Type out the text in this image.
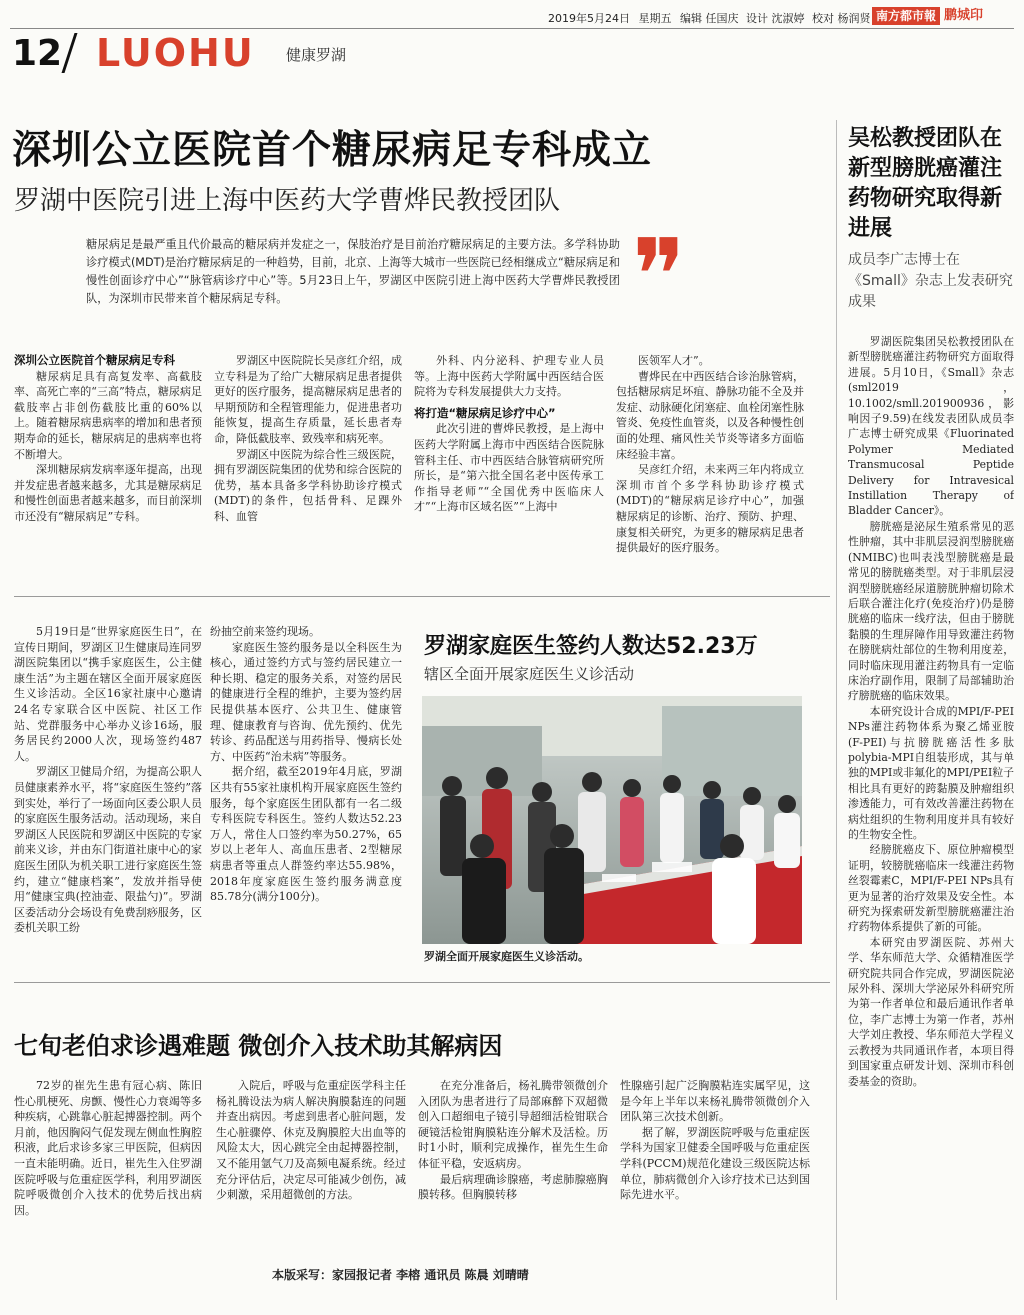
2019年5月24日 星期五 编辑 任国庆 设计 沈淑婷 校对 杨润贤 南方都市報 鹏城印
12 LUOHU 健康罗湖
深圳公立医院首个糖尿病足专科成立
罗湖中医院引进上海中医药大学曹烨民教授团队
糖尿病足是最严重且代价最高的糖尿病并发症之一，保肢治疗是目前治疗糖尿病足的主要方法。多学科协助诊疗模式(MDT)是治疗糖尿病足的一种趋势，目前，北京、上海等大城市一些医院已经相继成立“糖尿病足和慢性创面诊疗中心”“脉管病诊疗中心”等。5月23日上午，罗湖区中医院引进上海中医药大学曹烨民教授团队，为深圳市民带来首个糖尿病足专科。	❞

深圳公立医院首个糖尿病足专科

糖尿病足具有高复发率、高截肢率、高死亡率的“三高”特点，糖尿病足截肢率占非创伤截肢比重的60%以上。随着糖尿病患病率的增加和患者预期寿命的延长，糖尿病足的患病率也将不断增大。

深圳糖尿病发病率逐年提高，出现并发症患者越来越多，尤其是糖尿病足和慢性创面患者越来越多，而目前深圳市还没有“糖尿病足”专科。

罗湖区中医院院长吴彦红介绍，成立专科是为了给广大糖尿病足患者提供更好的医疗服务，提高糖尿病足患者的早期预防和全程管理能力，促进患者功能恢复，提高生存质量，延长患者寿命，降低截肢率、致残率和病死率。

罗湖区中医院为综合性三级医院，拥有罗湖医院集团的优势和综合医院的优势，基本具备多学科协助诊疗模式(MDT)的条件，包括骨科、足踝外科、血管

外科、内分泌科、护理专业人员等。上海中医药大学附属中西医结合医院将为专科发展提供大力支持。

将打造“糖尿病足诊疗中心”

此次引进的曹烨民教授，是上海中医药大学附属上海市中西医结合医院脉管科主任、市中西医结合脉管病研究所所长，是“第六批全国名老中医传承工作指导老师”“全国优秀中医临床人才”“上海市区域名医”“上海中

医领军人才”。

曹烨民在中西医结合诊治脉管病，包括糖尿病足坏疽、静脉功能不全及并发症、动脉硬化闭塞症、血栓闭塞性脉管炎、免疫性血管炎，以及各种慢性创面的处理、痛风性关节炎等诸多方面临床经验丰富。

吴彦红介绍，未来两三年内将成立深圳市首个多学科协助诊疗模式(MDT)的“糖尿病足诊疗中心”，加强糖尿病足的诊断、治疗、预防、护理、康复相关研究，为更多的糖尿病足患者提供最好的医疗服务。

5月19日是“世界家庭医生日”，在宣传日期间，罗湖区卫生健康局连同罗湖医院集团以“携手家庭医生，公主健康生活”为主题在辖区全面开展家庭医生义诊活动。全区16家社康中心邀请24名专家联合区中医院、社区工作站、党群服务中心举办义诊16场，服务居民约2000人次，现场签约487人。

罗湖区卫健局介绍，为提高公职人员健康素养水平，将“家庭医生签约”落到实处，举行了一场面向区委公职人员的家庭医生服务活动。活动现场，来自罗湖区人民医院和罗湖区中医院的专家前来义诊，并由东门街道社康中心的家庭医生团队为机关职工进行家庭医生签约，建立“健康档案”，发放并指导使用“健康宝典(控油壶、限盐勺)”。罗湖区委活动分会场设有免费刮痧服务，区委机关职工纷

纷抽空前来签约现场。

家庭医生签约服务是以全科医生为核心，通过签约方式与签约居民建立一种长期、稳定的服务关系，对签约居民的健康进行全程的维护，主要为签约居民提供基本医疗、公共卫生、健康管理、健康教育与咨询、优先预约、优先转诊、药品配送与用药指导、慢病长处方、中医药“治未病”等服务。

据介绍，截至2019年4月底，罗湖区共有55家社康机构开展家庭医生签约服务，每个家庭医生团队都有一名二级专科医院专科医生。签约人数达52.23万人，常住人口签约率为50.27%，65岁以上老年人、高血压患者、2型糖尿病患者等重点人群签约率达55.98%，2018年度家庭医生签约服务满意度85.78分(满分100分)。

罗湖家庭医生签约人数达52.23万
辖区全面开展家庭医生义诊活动
罗湖全面开展家庭医生义诊活动。
七旬老伯求诊遇难题 微创介入技术助其解病因

72岁的崔先生患有冠心病、陈旧性心肌梗死、房颤、慢性心力衰竭等多种疾病，心跳靠心脏起搏器控制。两个月前，他因胸闷气促发现左侧血性胸腔积液，此后求诊多家三甲医院，但病因一直未能明确。近日，崔先生入住罗湖医院呼吸与危重症医学科，利用罗湖医院呼吸微创介入技术的优势后找出病因。

入院后，呼吸与危重症医学科主任杨礼腾设法为病人解决胸膜黏连的问题并查出病因。考虑到患者心脏问题，发生心脏骤停、休克及胸膜腔大出血等的风险太大，因心跳完全由起搏器控制，又不能用氩气刀及高频电凝系统。经过充分评估后，决定尽可能减少创伤，减少刺激，采用超微创的方法。

在充分准备后，杨礼腾带领微创介入团队为患者进行了局部麻醉下双超微创入口超细电子镜引导超细活检钳联合硬镜活检钳胸膜粘连分解术及活检。历时1小时，顺利完成操作，崔先生生命体征平稳，安返病房。

最后病理确诊腺癌，考虑肺腺癌胸膜转移。但胸膜转移

性腺癌引起广泛胸膜粘连实属罕见，这是今年上半年以来杨礼腾带领微创介入团队第三次技术创新。

据了解，罗湖医院呼吸与危重症医学科为国家卫健委全国呼吸与危重症医学科(PCCM)规范化建设三级医院达标单位，肺病微创介入诊疗技术已达到国际先进水平。

本版采写：家园报记者 李榕 通讯员 陈晨 刘晴晴
吴松教授团队在新型膀胱癌灌注药物研究取得新进展
成员李广志博士在《Small》杂志上发表研究成果

罗湖医院集团吴松教授团队在新型膀胱癌灌注药物研究方面取得进展。5月10日，《Small》杂志(sml2019，10.1002/smll.201900936，影响因子9.59)在线发表团队成员李广志博士研究成果《Fluorinated Polymer Mediated Transmucosal Peptide Delivery for Intravesical Instillation Therapy of Bladder Cancer》。

膀胱癌是泌尿生殖系常见的恶性肿瘤，其中非肌层浸润型膀胱癌(NMIBC)也叫表浅型膀胱癌是最常见的膀胱癌类型。对于非肌层浸润型膀胱癌经尿道膀胱肿瘤切除术后联合灌注化疗(免疫治疗)仍是膀胱癌的临床一线疗法，但由于膀胱黏膜的生理屏障作用导致灌注药物在膀胱病灶部位的生物利用度差，同时临床现用灌注药物具有一定临床治疗副作用，限制了局部辅助治疗膀胱癌的临床效果。

本研究设计合成的MPI/F-PEI NPs灌注药物体系为聚乙烯亚胺(F-PEI)与抗膀胱癌活性多肽polybia-MPI自组装形成，其与单独的MPI或非氟化的MPI/PEI粒子相比具有更好的跨黏膜及肿瘤组织渗透能力，可有效改善灌注药物在病灶组织的生物利用度并具有较好的生物安全性。

经膀胱癌皮下、原位肿瘤模型证明，较膀胱癌临床一线灌注药物丝裂霉素C，MPI/F-PEI NPs具有更为显著的治疗效果及安全性。本研究为探索研发新型膀胱癌灌注治疗药物体系提供了新的可能。

本研究由罗湖医院、苏州大学、华东师范大学、众循精准医学研究院共同合作完成，罗湖医院泌尿外科、深圳大学泌尿外科研究所为第一作者单位和最后通讯作者单位，李广志博士为第一作者，苏州大学刘庄教授、华东师范大学程义云教授为共同通讯作者，本项目得到国家重点研发计划、深圳市科创委基金的资助。
